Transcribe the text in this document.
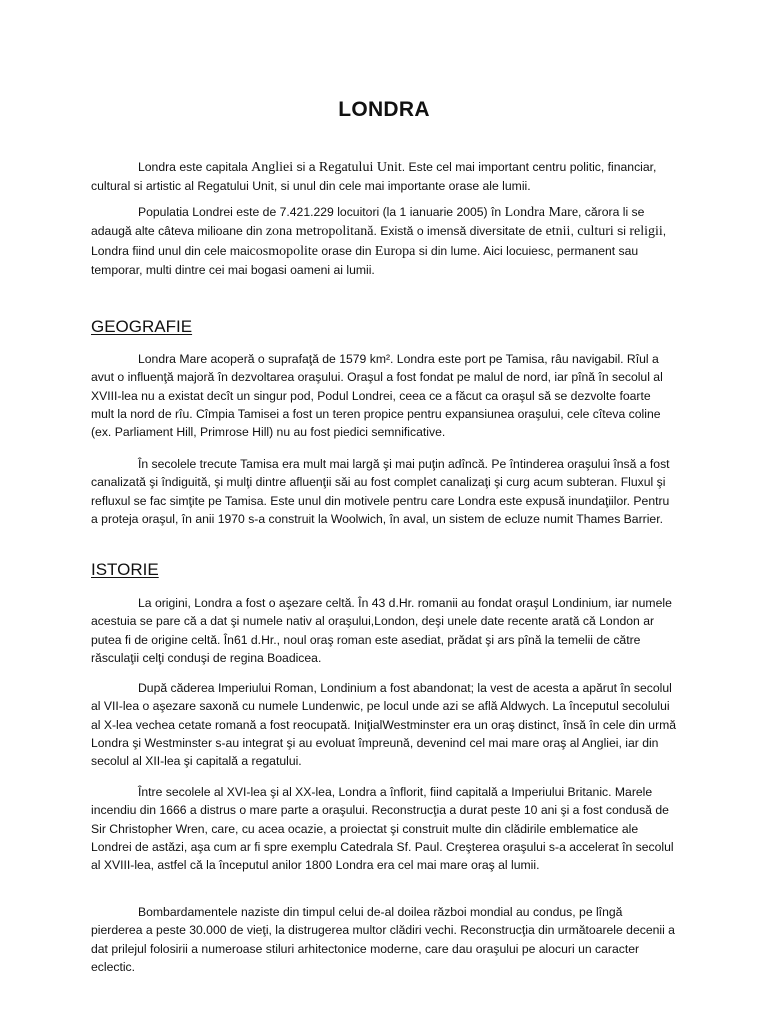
LONDRA

Londra este capitala Angliei si a Regatului Unit. Este cel mai important centru politic, financiar, cultural si artistic al Regatului Unit, si unul din cele mai importante orase ale lumii.

Populatia Londrei este de 7.421.229 locuitori (la 1 ianuarie 2005) în Londra Mare, cărora li se adaugă alte câteva milioane din zona metropolitană. Există o imensă diversitate de etnii, culturi si religii, Londra fiind unul din cele maicosmopolite orase din Europa si din lume. Aici locuiesc, permanent sau temporar, multi dintre cei mai bogasi oameni ai lumii.

GEOGRAFIE

Londra Mare acoperă o suprafaţă de 1579 km². Londra este port pe Tamisa, râu navigabil. Rîul a avut o influenţă majoră în dezvoltarea oraşului. Oraşul a fost fondat pe malul de nord, iar pînă în secolul al XVIII-lea nu a existat decît un singur pod, Podul Londrei, ceea ce a făcut ca oraşul să se dezvolte foarte mult la nord de rîu. Cîmpia Tamisei a fost un teren propice pentru expansiunea oraşului, cele cîteva coline (ex. Parliament Hill, Primrose Hill) nu au fost piedici semnificative.

În secolele trecute Tamisa era mult mai largă şi mai puţin adîncă. Pe întinderea oraşului însă a fost canalizată şi îndiguită, şi mulţi dintre afluenţii săi au fost complet canalizaţi şi curg acum subteran. Fluxul şi refluxul se fac simţite pe Tamisa. Este unul din motivele pentru care Londra este expusă inundaţiilor. Pentru a proteja oraşul, în anii 1970 s-a construit la Woolwich, în aval, un sistem de ecluze numit Thames Barrier.

ISTORIE

La origini, Londra a fost o aşezare celtă. În 43 d.Hr. romanii au fondat oraşul Londinium, iar numele acestuia se pare că a dat şi numele nativ al oraşului,London, deşi unele date recente arată că London ar putea fi de origine celtă. În61 d.Hr., noul oraş roman este asediat, prădat şi ars pînă la temelii de către răsculaţii celţi conduşi de regina Boadicea.

După căderea Imperiului Roman, Londinium a fost abandonat; la vest de acesta a apărut în secolul al VII-lea o aşezare saxonă cu numele Lundenwic, pe locul unde azi se află Aldwych. La începutul secolului al X-lea vechea cetate romană a fost reocupată. IniţialWestminster era un oraş distinct, însă în cele din urmă Londra şi Westminster s-au integrat şi au evoluat împreună, devenind cel mai mare oraş al Angliei, iar din secolul al XII-lea şi capitală a regatului.

Între secolele al XVI-lea şi al XX-lea, Londra a înflorit, fiind capitală a Imperiului Britanic. Marele incendiu din 1666 a distrus o mare parte a oraşului. Reconstrucţia a durat peste 10 ani şi a fost condusă de Sir Christopher Wren, care, cu acea ocazie, a proiectat şi construit multe din clădirile emblematice ale Londrei de astăzi, aşa cum ar fi spre exemplu Catedrala Sf. Paul. Creşterea oraşului s-a accelerat în secolul al XVIII-lea, astfel că la începutul anilor 1800 Londra era cel mai mare oraş al lumii.

Bombardamentele naziste din timpul celui de-al doilea război mondial au condus, pe lîngă pierderea a peste 30.000 de vieţi, la distrugerea multor clădiri vechi. Reconstrucţia din următoarele decenii a dat prilejul folosirii a numeroase stiluri arhitectonice moderne, care dau oraşului pe alocuri un caracter eclectic.
